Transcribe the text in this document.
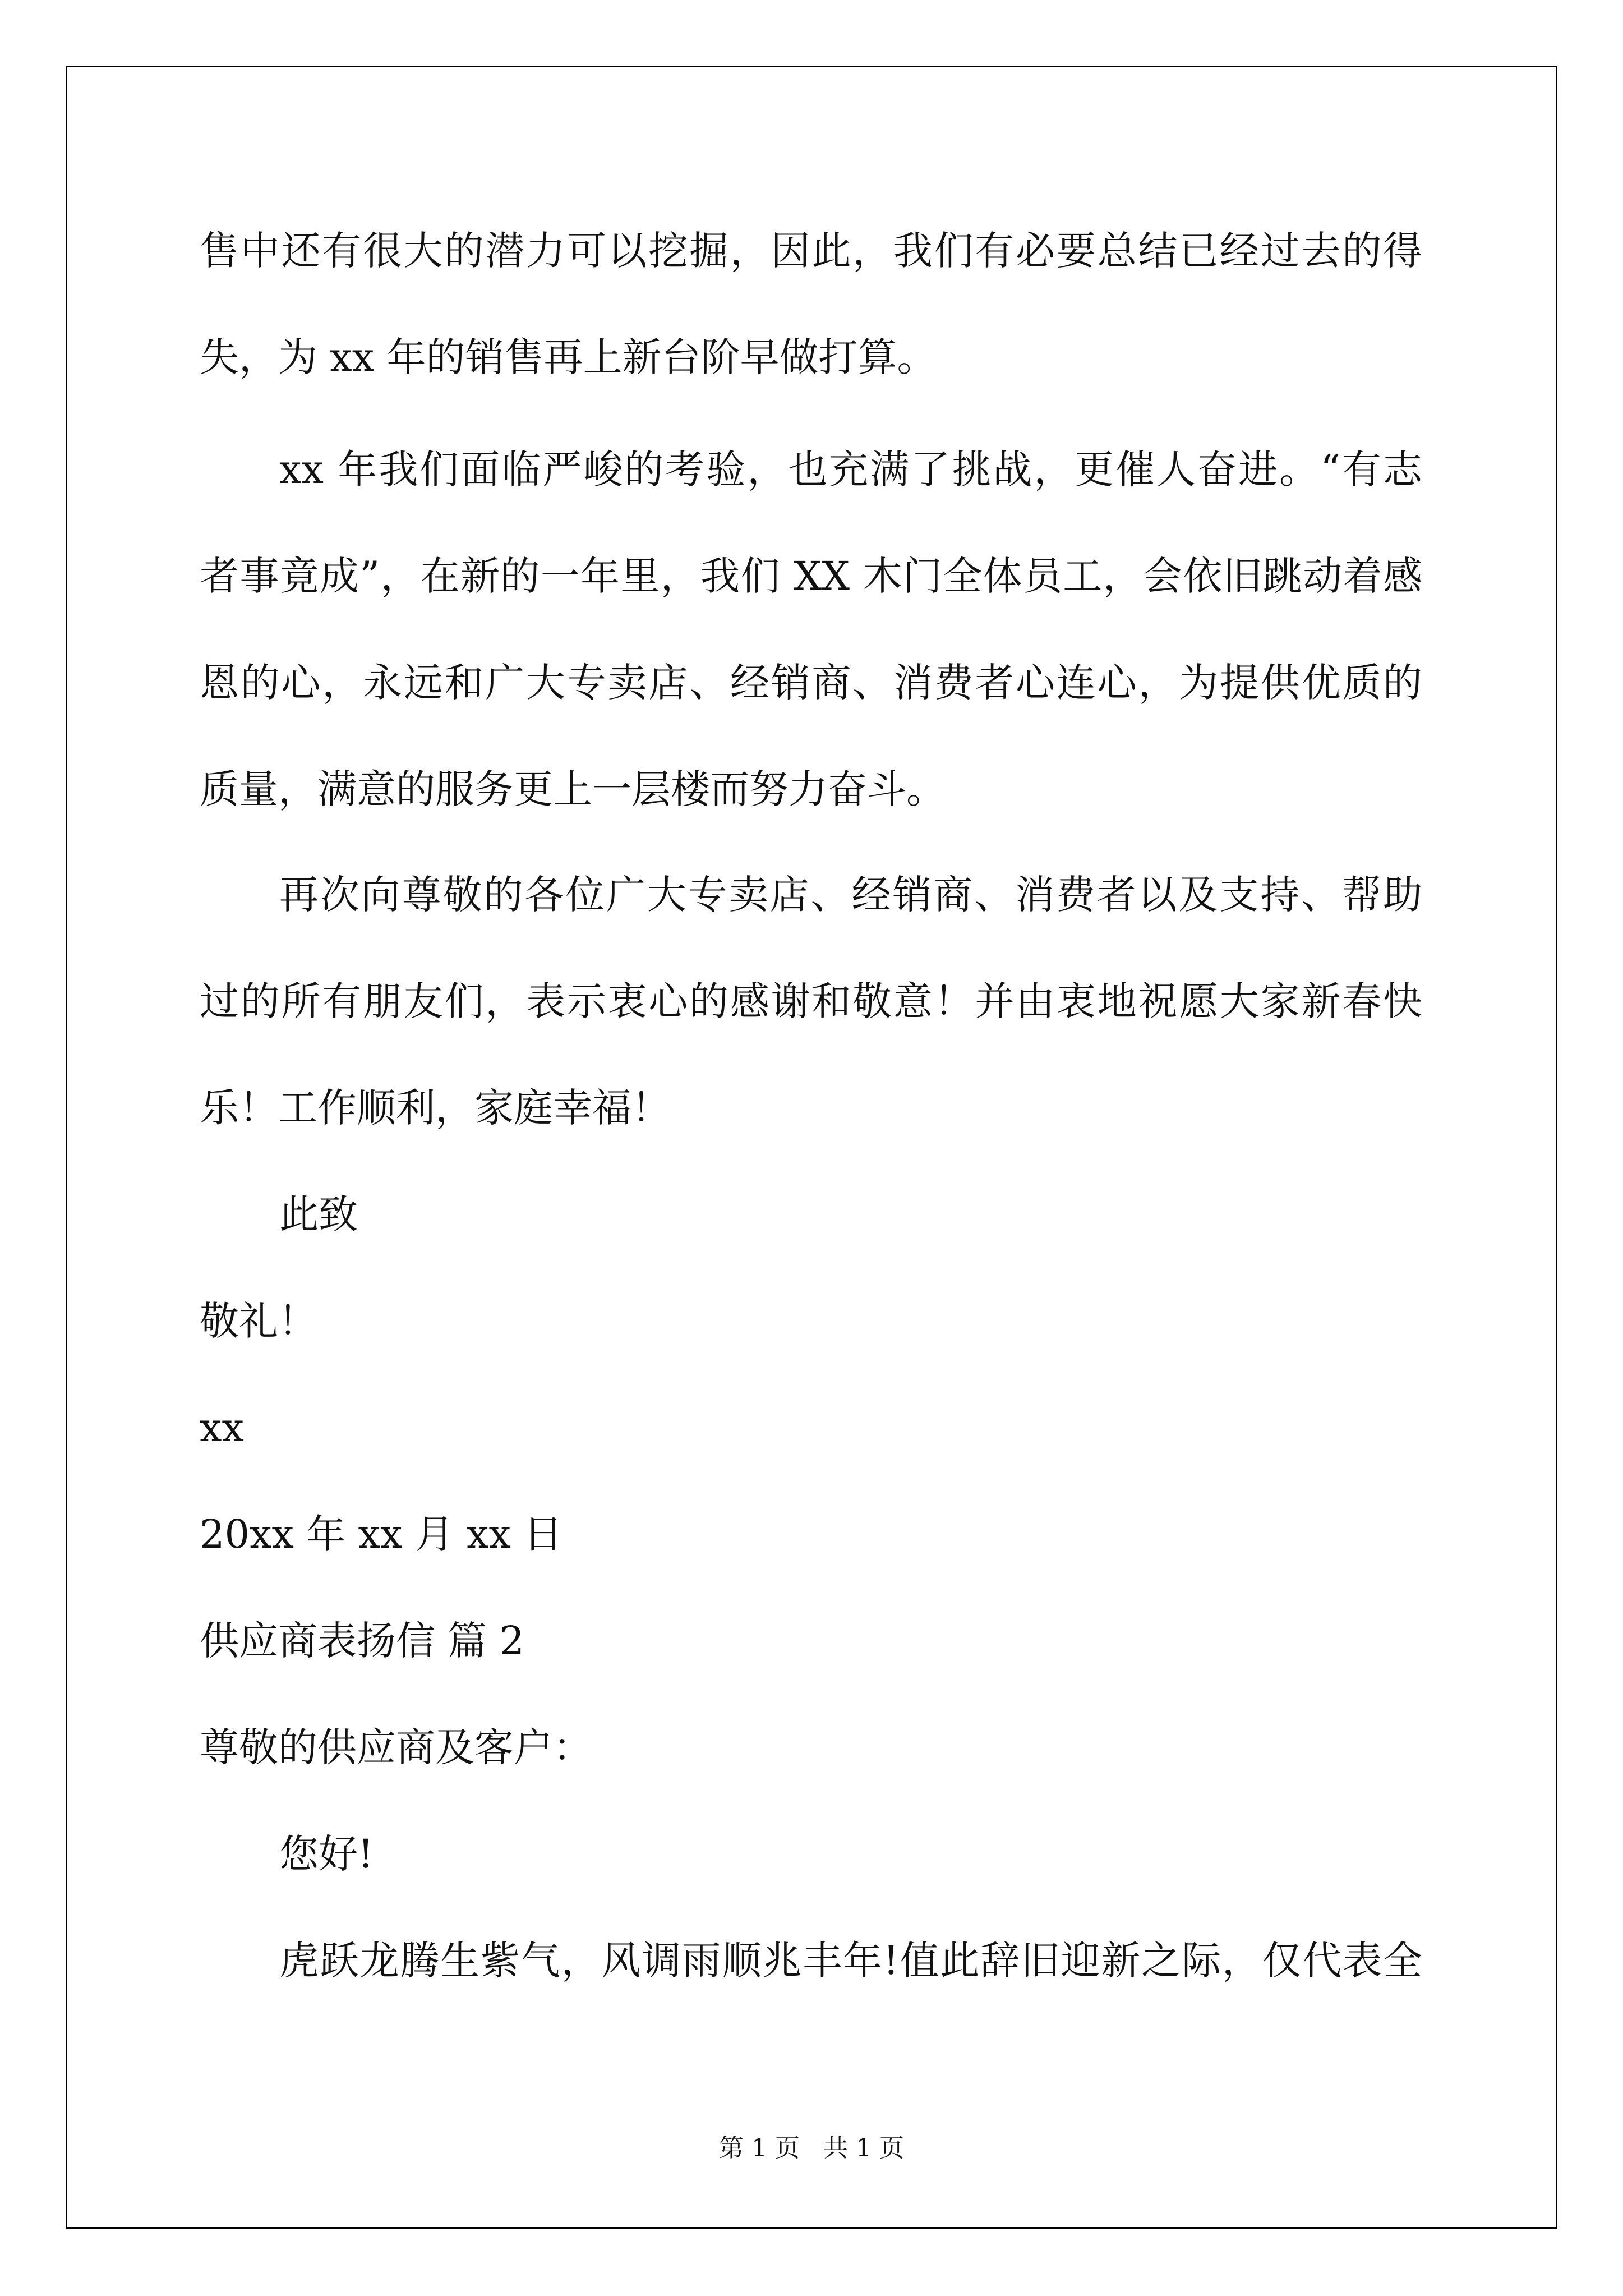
售中还有很大的潜力可以挖掘，因此，我们有必要总结已经过去的得

失，为 xx 年的销售再上新台阶早做打算。

xx 年我们面临严峻的考验，也充满了挑战，更催人奋进。“有志

者事竟成”，在新的一年里，我们 XX 木门全体员工，会依旧跳动着感

恩的心，永远和广大专卖店、经销商、消费者心连心，为提供优质的

质量，满意的服务更上一层楼而努力奋斗。

再次向尊敬的各位广大专卖店、经销商、消费者以及支持、帮助

过的所有朋友们，表示衷心的感谢和敬意！并由衷地祝愿大家新春快

乐！工作顺利，家庭幸福！

此致

敬礼！

xx

20xx 年 xx 月 xx 日

供应商表扬信 篇 2

尊敬的供应商及客户：

您好!

虎跃龙腾生紫气，风调雨顺兆丰年!值此辞旧迎新之际，仅代表全

第 1 页   共 1 页
